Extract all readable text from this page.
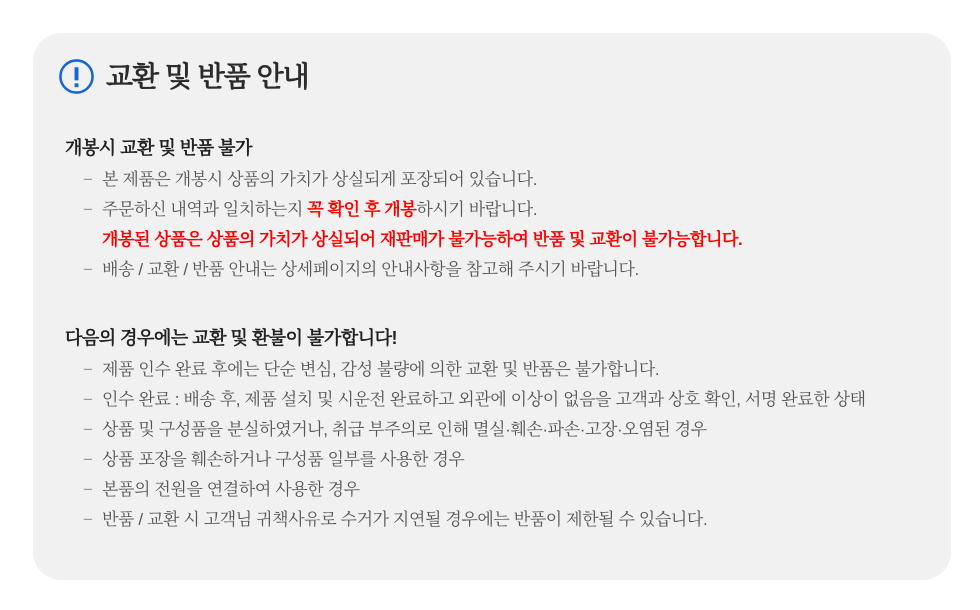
교환 및 반품 안내
개봉시 교환 및 반품 불가
− 본 제품은 개봉시 상품의 가치가 상실되게 포장되어 있습니다.
− 주문하신 내역과 일치하는지 꼭 확인 후 개봉하시기 바랍니다.
개봉된 상품은 상품의 가치가 상실되어 재판매가 불가능하여 반품 및 교환이 불가능합니다.
− 배송 / 교환 / 반품 안내는 상세페이지의 안내사항을 참고해 주시기 바랍니다.
다음의 경우에는 교환 및 환불이 불가합니다!
− 제품 인수 완료 후에는 단순 변심, 감성 불량에 의한 교환 및 반품은 불가합니다.
− 인수 완료 : 배송 후, 제품 설치 및 시운전 완료하고 외관에 이상이 없음을 고객과 상호 확인, 서명 완료한 상태
− 상품 및 구성품을 분실하였거나, 취급 부주의로 인해 멸실·훼손·파손·고장·오염된 경우
− 상품 포장을 훼손하거나 구성품 일부를 사용한 경우
− 본품의 전원을 연결하여 사용한 경우
− 반품 / 교환 시 고객님 귀책사유로 수거가 지연될 경우에는 반품이 제한될 수 있습니다.
